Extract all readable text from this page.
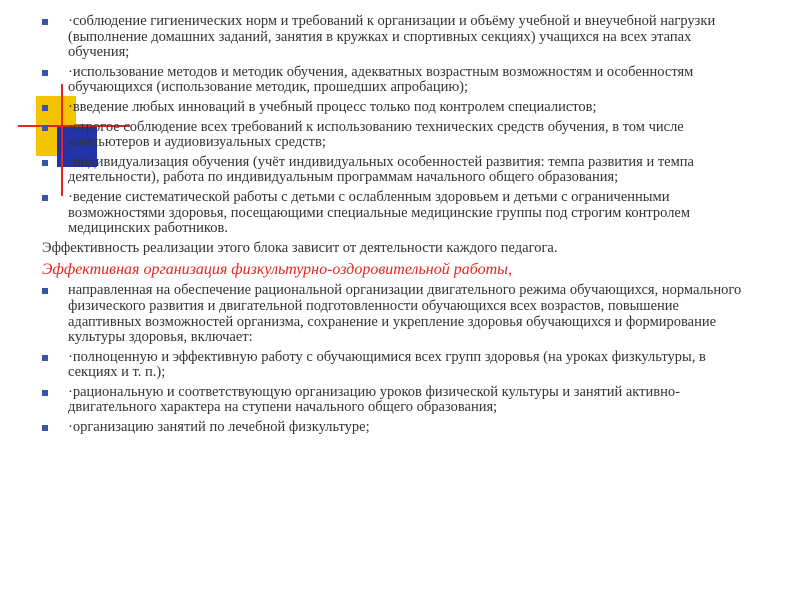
·соблюдение гигиенических норм и требований к организации и объёму учебной и внеучебной нагрузки (выполнение домашних заданий, занятия в кружках и спортивных секциях) учащихся на всех этапах обучения;
·использование методов и методик обучения, адекватных возрастным возможностям и особенностям обучающихся (использование методик, прошедших апробацию);
·введение любых инноваций в учебный процесс только под контролем специалистов;
·строгое соблюдение всех требований к использованию технических средств обучения, в том числе компьютеров и аудиовизуальных средств;
·индивидуализация обучения (учёт индивидуальных особенностей развития: темпа развития и темпа деятельности), работа по индивидуальным программам начального общего образования;
·ведение систематической работы с детьми с ослабленным здоровьем и детьми с ограниченными возможностями здоровья, посещающими специальные медицинские группы под строгим контролем медицинских работников.
Эффективность реализации этого блока зависит от деятельности каждого педагога.
Эффективная организация физкультурно-оздоровительной работы,
направленная на обеспечение рациональной организации двигательного режима обучающихся, нормального физического развития и двигательной подготовленности обучающихся всех возрастов, повышение адаптивных возможностей организма, сохранение и укрепление здоровья обучающихся и формирование культуры здоровья, включает:
·полноценную и эффективную работу с обучающимися всех групп здоровья (на уроках физкультуры, в секциях и т. п.);
·рациональную и соответствующую организацию уроков физической культуры и занятий активно-двигательного характера на ступени начального общего образования;
·организацию занятий по лечебной физкультуре;
